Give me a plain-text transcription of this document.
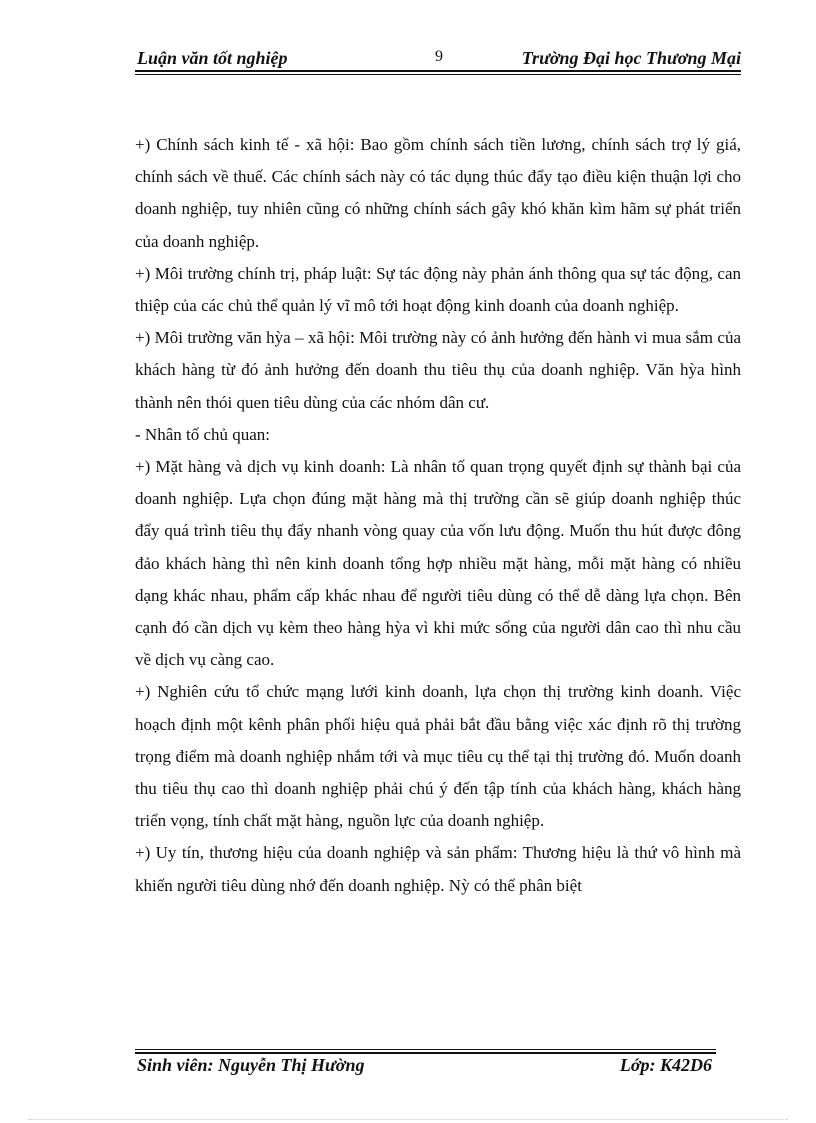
Luận văn tốt nghiệp	9	Trường Đại học Thương Mại

+) Chính sách kinh tế - xã hội: Bao gồm chính sách tiền lương, chính sách trợ lý giá, chính sách về thuế. Các chính sách này có tác dụng thúc đẩy tạo điều kiện thuận lợi cho doanh nghiệp, tuy nhiên cũng có những chính sách gây khó khăn kìm hãm sự phát triển của doanh nghiệp.

+) Môi trường chính trị, pháp luật: Sự tác động này phản ánh thông qua sự tác động, can thiệp của các chủ thể quản lý vĩ mô tới hoạt động kinh doanh của doanh nghiệp.

+) Môi trường văn hỳa – xã hội: Môi trường này có ảnh hưởng đến hành vi mua sắm của khách hàng từ đó ảnh hưởng đến doanh thu tiêu thụ của doanh nghiệp. Văn hỳa hình thành nên thói quen tiêu dùng của các nhóm dân cư.

- Nhân tố chủ quan:

+) Mặt hàng và dịch vụ kinh doanh: Là nhân tố quan trọng quyết định sự thành bại của doanh nghiệp. Lựa chọn đúng mặt hàng mà thị trường cần sẽ giúp doanh nghiệp thúc đẩy quá trình tiêu thụ đẩy nhanh vòng quay của vốn lưu động. Muốn thu hút được đông đảo khách hàng thì nên kinh doanh tổng hợp nhiều mặt hàng, mỗi mặt hàng có nhiều dạng khác nhau, phẩm cấp khác nhau để người tiêu dùng có thể dễ dàng lựa chọn. Bên cạnh đó cần dịch vụ kèm theo hàng hỳa vì khi mức sống của người dân cao thì nhu cầu về dịch vụ càng cao.

+) Nghiên cứu tổ chức mạng lưới kinh doanh, lựa chọn thị trường kinh doanh. Việc hoạch định một kênh phân phối hiệu quả phải bắt đầu bằng việc xác định rõ thị trường trọng điểm mà doanh nghiệp nhắm tới và mục tiêu cụ thể tại thị trường đó. Muốn doanh thu tiêu thụ cao thì doanh nghiệp phải chú ý đến tập tính của khách hàng, khách hàng triển vọng, tính chất mặt hàng, nguồn lực của doanh nghiệp.

+) Uy tín, thương hiệu của doanh nghiệp và sản phẩm: Thương hiệu là thứ vô hình mà khiến người tiêu dùng nhớ đến doanh nghiệp. Nỳ có thể phân biệt

Sinh viên: Nguyễn Thị Hường	Lớp: K42D6
